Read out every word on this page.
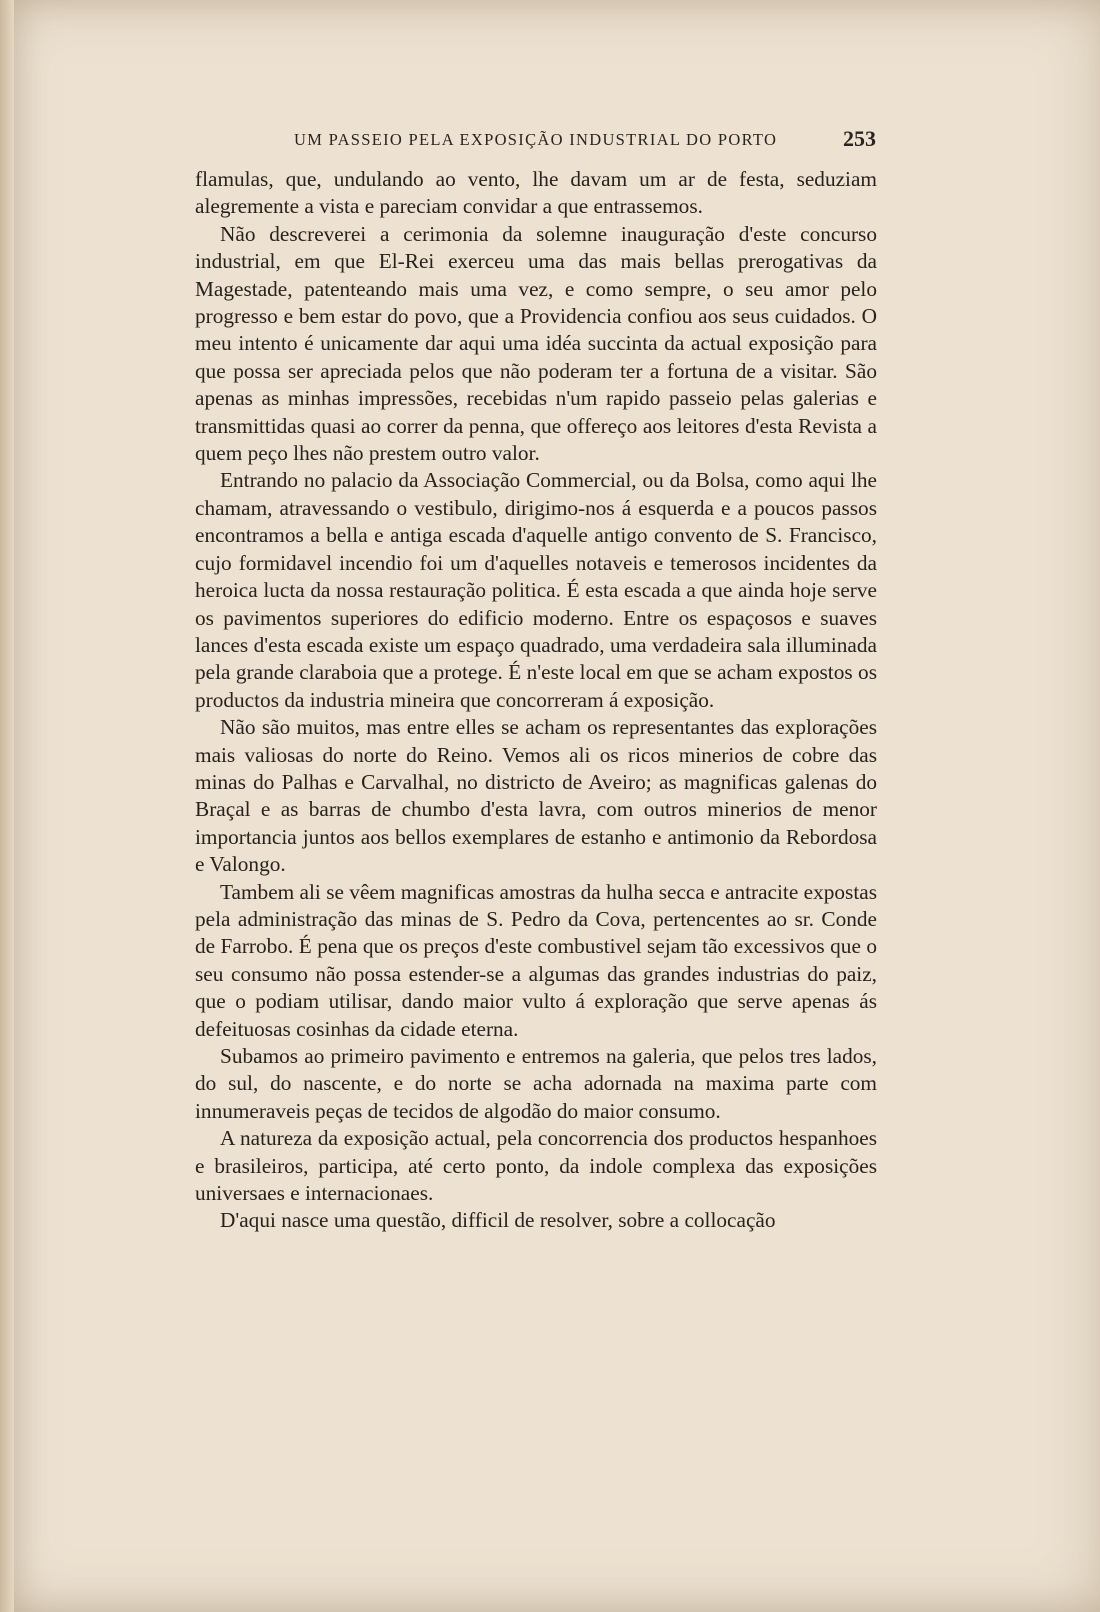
UM PASSEIO PELA EXPOSIÇÃO INDUSTRIAL DO PORTO	253

flamulas, que, undulando ao vento, lhe davam um ar de festa, seduziam alegremente a vista e pareciam convidar a que entrassemos.

Não descreverei a cerimonia da solemne inauguração d'este concurso industrial, em que El-Rei exerceu uma das mais bellas prerogativas da Magestade, patenteando mais uma vez, e como sempre, o seu amor pelo progresso e bem estar do povo, que a Providencia confiou aos seus cuidados. O meu intento é unicamente dar aqui uma idéa succinta da actual exposição para que possa ser apreciada pelos que não poderam ter a fortuna de a visitar. São apenas as minhas impressões, recebidas n'um rapido passeio pelas galerias e transmittidas quasi ao correr da penna, que offereço aos leitores d'esta Revista a quem peço lhes não prestem outro valor.

Entrando no palacio da Associação Commercial, ou da Bolsa, como aqui lhe chamam, atravessando o vestibulo, dirigimo-nos á esquerda e a poucos passos encontramos a bella e antiga escada d'aquelle antigo convento de S. Francisco, cujo formidavel incendio foi um d'aquelles notaveis e temerosos incidentes da heroica lucta da nossa restauração politica. É esta escada a que ainda hoje serve os pavimentos superiores do edificio moderno. Entre os espaçosos e suaves lances d'esta escada existe um espaço quadrado, uma verdadeira sala illuminada pela grande claraboia que a protege. É n'este local em que se acham expostos os productos da industria mineira que concorreram á exposição.

Não são muitos, mas entre elles se acham os representantes das explorações mais valiosas do norte do Reino. Vemos ali os ricos minerios de cobre das minas do Palhas e Carvalhal, no districto de Aveiro; as magnificas galenas do Braçal e as barras de chumbo d'esta lavra, com outros minerios de menor importancia juntos aos bellos exemplares de estanho e antimonio da Rebordosa e Valongo.

Tambem ali se vêem magnificas amostras da hulha secca e antracite expostas pela administração das minas de S. Pedro da Cova, pertencentes ao sr. Conde de Farrobo. É pena que os preços d'este combustivel sejam tão excessivos que o seu consumo não possa estender-se a algumas das grandes industrias do paiz, que o podiam utilisar, dando maior vulto á exploração que serve apenas ás defeituosas cosinhas da cidade eterna.

Subamos ao primeiro pavimento e entremos na galeria, que pelos tres lados, do sul, do nascente, e do norte se acha adornada na maxima parte com innumeraveis peças de tecidos de algodão do maior consumo.

A natureza da exposição actual, pela concorrencia dos productos hespanhoes e brasileiros, participa, até certo ponto, da indole complexa das exposições universaes e internacionaes.

D'aqui nasce uma questão, difficil de resolver, sobre a collocação
